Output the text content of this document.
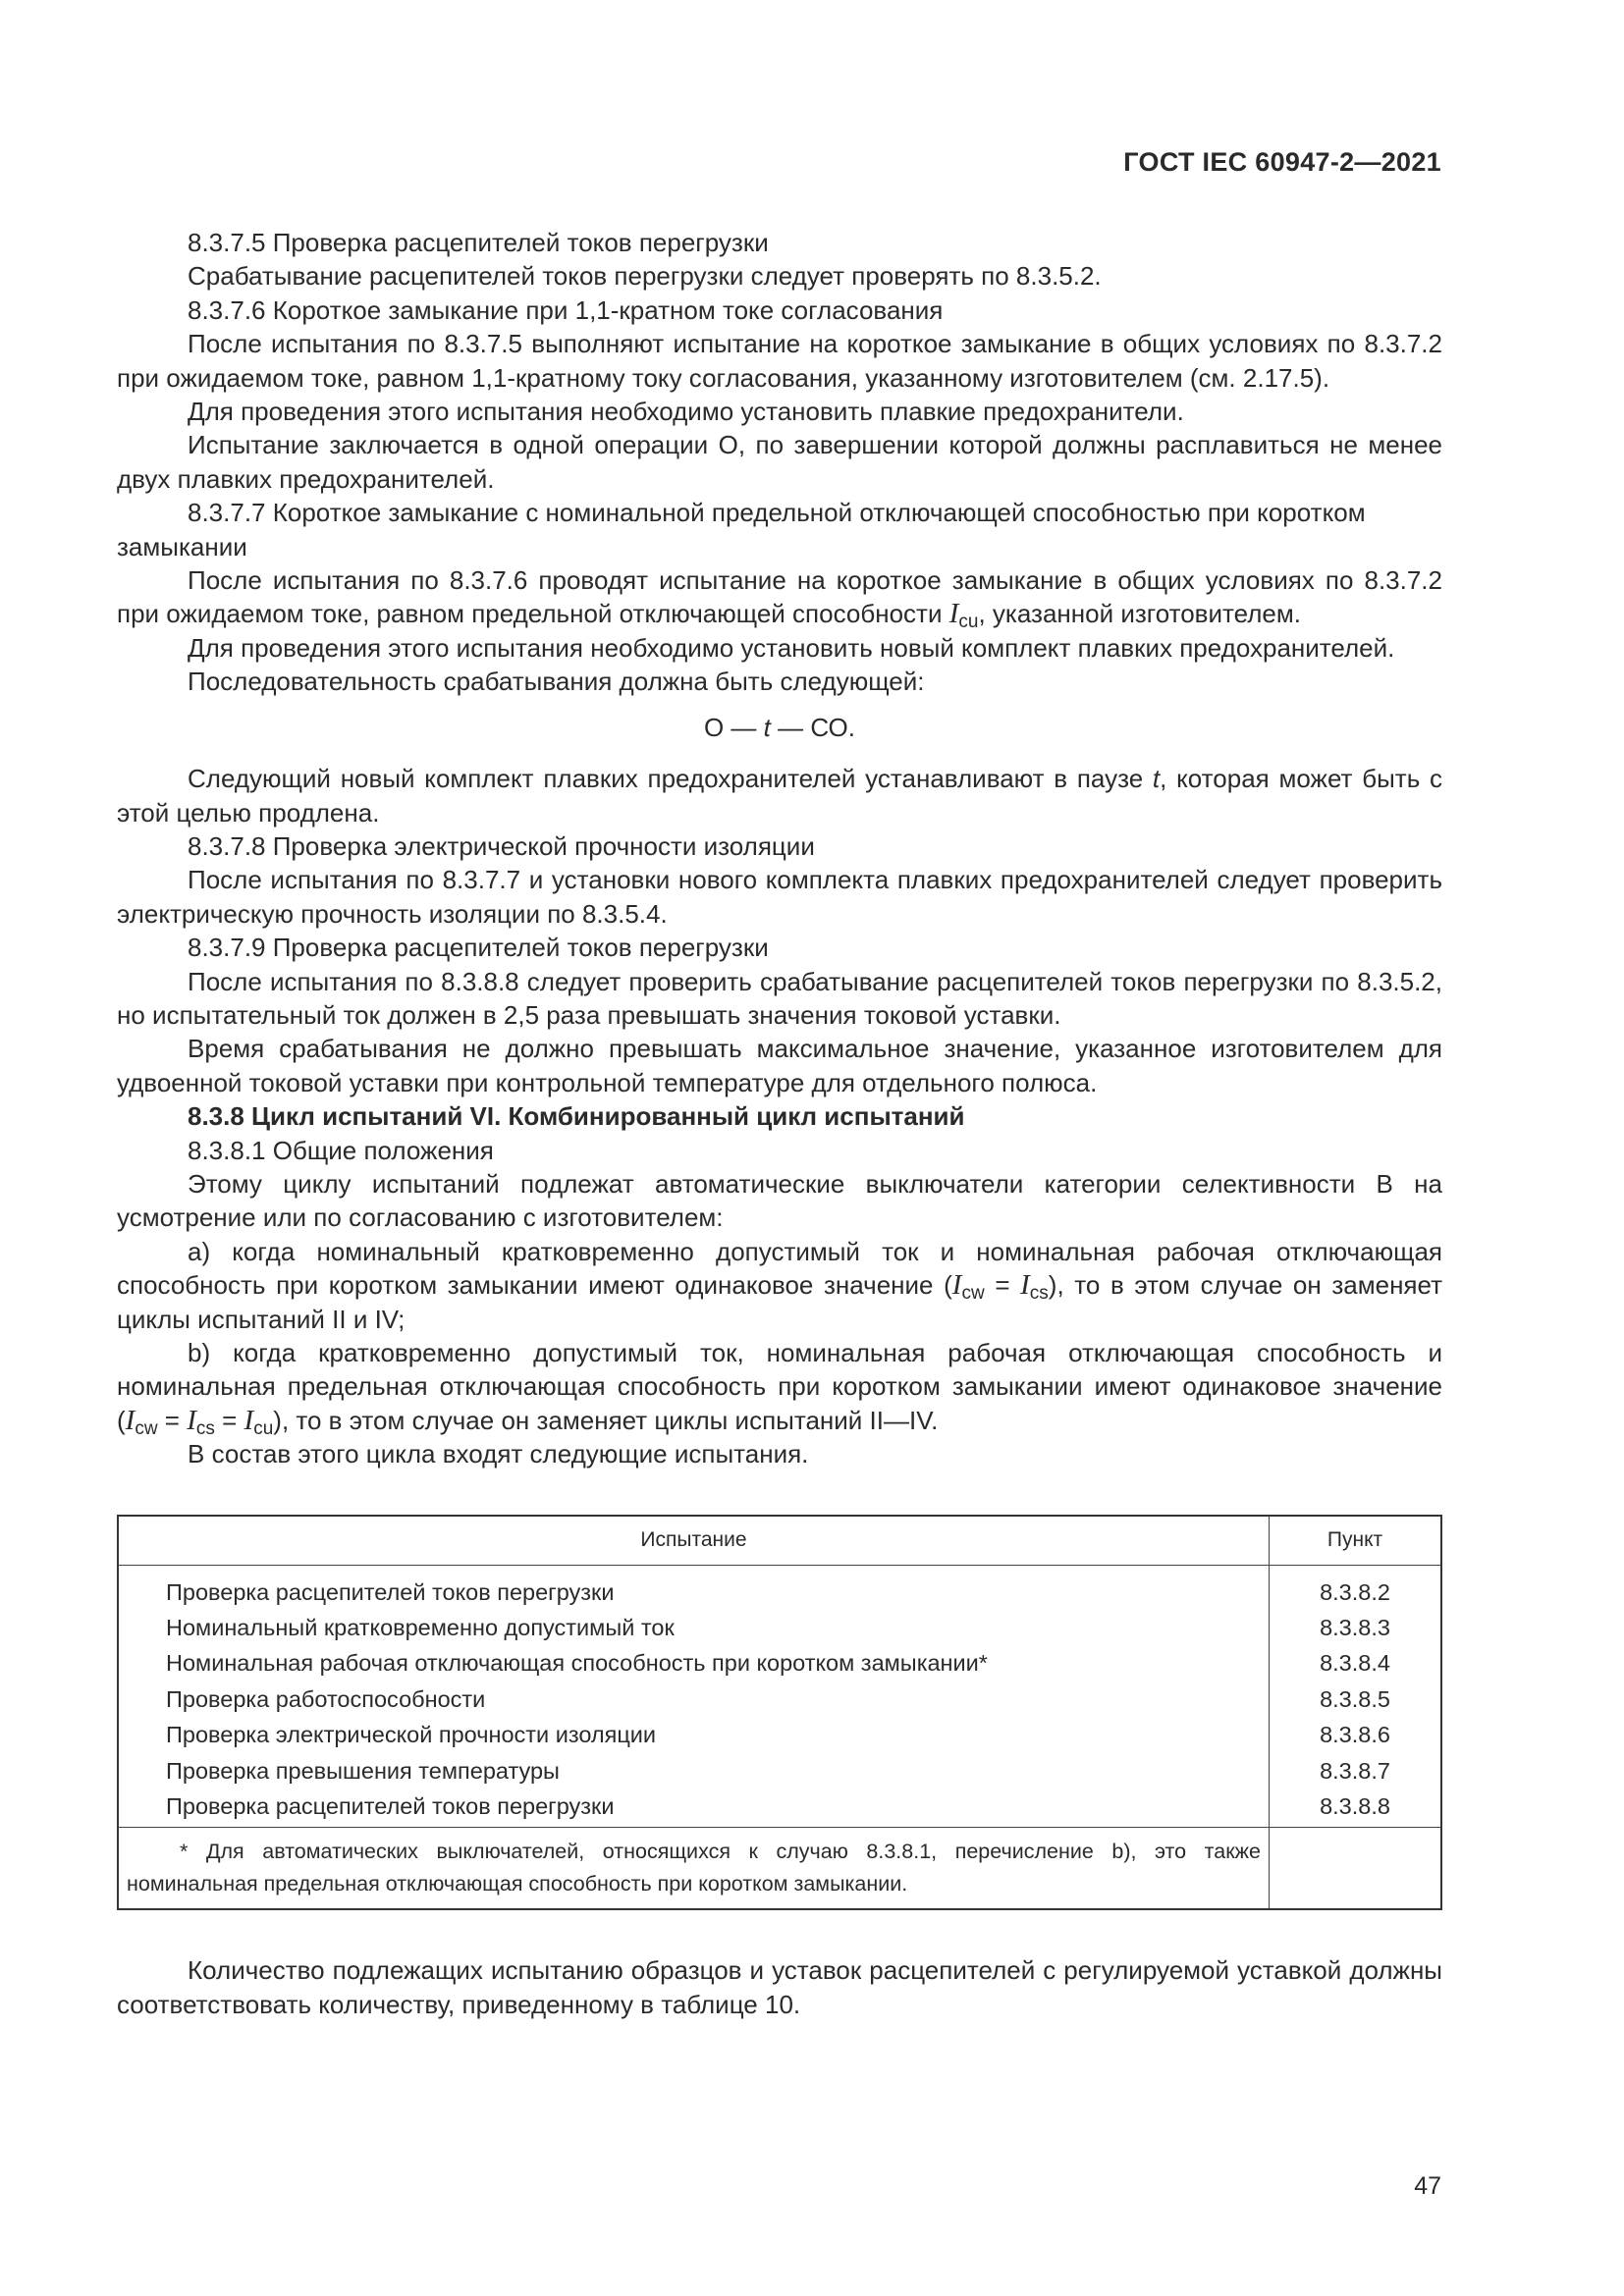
ГОСТ IEC 60947-2—2021

8.3.7.5 Проверка расцепителей токов перегрузки

Срабатывание расцепителей токов перегрузки следует проверять по 8.3.5.2.

8.3.7.6 Короткое замыкание при 1,1-кратном токе согласования

После испытания по 8.3.7.5 выполняют испытание на короткое замыкание в общих условиях по 8.3.7.2 при ожидаемом токе, равном 1,1-кратному току согласования, указанному изготовителем (см. 2.17.5).

Для проведения этого испытания необходимо установить плавкие предохранители.

Испытание заключается в одной операции О, по завершении которой должны расплавиться не менее двух плавких предохранителей.

8.3.7.7 Короткое замыкание с номинальной предельной отключающей способностью при коротком замыкании

После испытания по 8.3.7.6 проводят испытание на короткое замыкание в общих условиях по 8.3.7.2 при ожидаемом токе, равном предельной отключающей способности $I_{cu}$, указанной изготовителем.

Для проведения этого испытания необходимо установить новый комплект плавких предохранителей.

Последовательность срабатывания должна быть следующей:

О — t — СО.

Следующий новый комплект плавких предохранителей устанавливают в паузе t, которая может быть с этой целью продлена.

8.3.7.8 Проверка электрической прочности изоляции

После испытания по 8.3.7.7 и установки нового комплекта плавких предохранителей следует проверить электрическую прочность изоляции по 8.3.5.4.

8.3.7.9 Проверка расцепителей токов перегрузки

После испытания по 8.3.8.8 следует проверить срабатывание расцепителей токов перегрузки по 8.3.5.2, но испытательный ток должен в 2,5 раза превышать значения токовой уставки.

Время срабатывания не должно превышать максимальное значение, указанное изготовителем для удвоенной токовой уставки при контрольной температуре для отдельного полюса.

8.3.8 Цикл испытаний VI. Комбинированный цикл испытаний

8.3.8.1 Общие положения

Этому циклу испытаний подлежат автоматические выключатели категории селективности В на усмотрение или по согласованию с изготовителем:

a) когда номинальный кратковременно допустимый ток и номинальная рабочая отключающая способность при коротком замыкании имеют одинаковое значение $(I_{cw} = I_{cs})$, то в этом случае он заменяет циклы испытаний II и IV;

b) когда кратковременно допустимый ток, номинальная рабочая отключающая способность и номинальная предельная отключающая способность при коротком замыкании имеют одинаковое значение $(I_{cw} = I_{cs} = I_{cu})$, то в этом случае он заменяет циклы испытаний II—IV.

В состав этого цикла входят следующие испытания.

Испытание	Пункт
Проверка расцепителей токов перегрузки	8.3.8.2
Номинальный кратковременно допустимый ток	8.3.8.3
Номинальная рабочая отключающая способность при коротком замыкании*	8.3.8.4
Проверка работоспособности	8.3.8.5
Проверка электрической прочности изоляции	8.3.8.6
Проверка превышения температуры	8.3.8.7
Проверка расцепителей токов перегрузки	8.3.8.8

* Для автоматических выключателей, относящихся к случаю 8.3.8.1, перечисление b), это также номинальная предельная отключающая способность при коротком замыкании.	

Количество подлежащих испытанию образцов и уставок расцепителей с регулируемой уставкой должны соответствовать количеству, приведенному в таблице 10.

47
